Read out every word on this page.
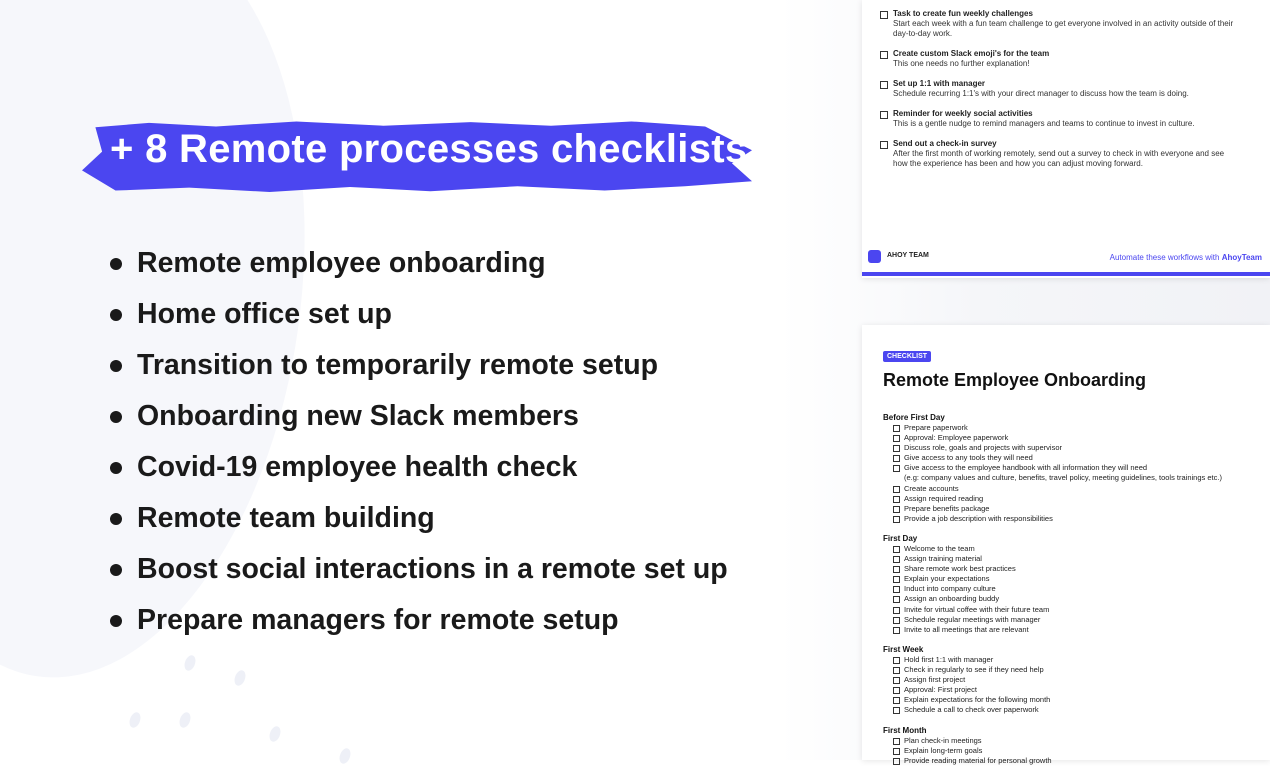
+ 8 Remote processes checklists
Remote employee onboarding
Home office set up
Transition to temporarily remote setup
Onboarding new Slack members
Covid-19 employee health check
Remote team building
Boost social interactions in a remote set up
Prepare managers for remote setup
Task to create fun weekly challenges
Start each week with a fun team challenge to get everyone involved in an activity outside of their
day-to-day work.
Create custom Slack emoji's for the team
This one needs no further explanation!
Set up 1:1 with manager
Schedule recurring 1:1's with your direct manager to discuss how the team is doing.
Reminder for weekly social activities
This is a gentle nudge to remind managers and teams to continue to invest in culture.
Send out a check-in survey
After the first month of working remotely, send out a survey to check in with everyone and see
how the experience has been and how you can adjust moving forward.
AHOY TEAM	Automate these workflows with AhoyTeam
CHECKLIST
Remote Employee Onboarding
Before First Day
Prepare paperwork
Approval: Employee paperwork
Discuss role, goals and projects with supervisor
Give access to any tools they will need
Give access to the employee handbook with all information they will need
(e.g: company values and culture, benefits, travel policy, meeting guidelines, tools trainings etc.)
Create accounts
Assign required reading
Prepare benefits package
Provide a job description with responsibilities
First Day
Welcome to the team
Assign training material
Share remote work best practices
Explain your expectations
Induct into company culture
Assign an onboarding buddy
Invite for virtual coffee with their future team
Schedule regular meetings with manager
Invite to all meetings that are relevant
First Week
Hold first 1:1 with manager
Check in regularly to see if they need help
Assign first project
Approval: First project
Explain expectations for the following month
Schedule a call to check over paperwork
First Month
Plan check-in meetings
Explain long-term goals
Provide reading material for personal growth
